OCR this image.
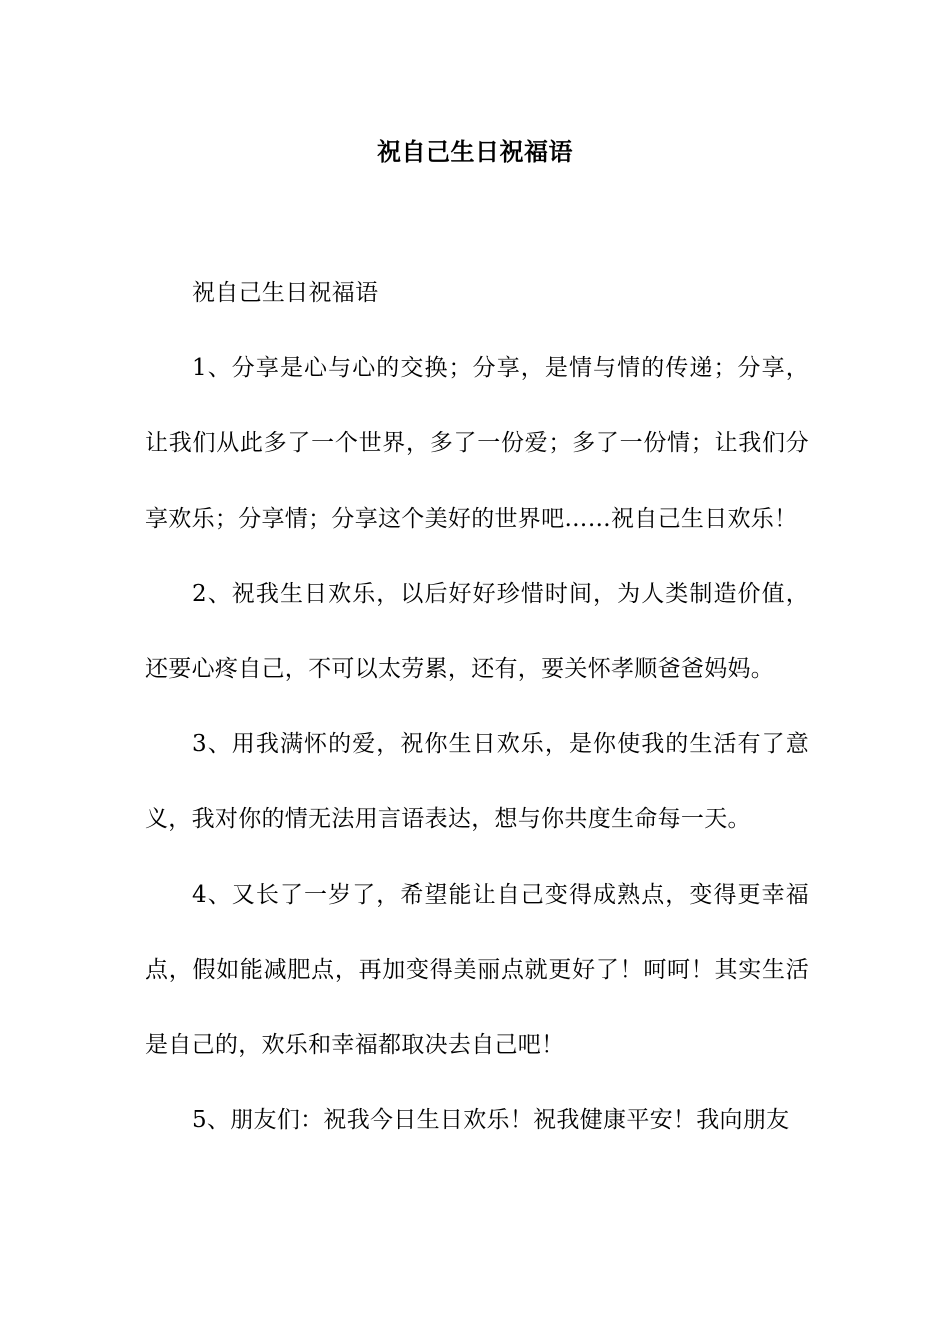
祝自己生日祝福语

祝自己生日祝福语

1、分享是心与心的交换；分享，是情与情的传递；分享，让我们从此多了一个世界，多了一份爱；多了一份情；让我们分享欢乐；分享情；分享这个美好的世界吧……祝自己生日欢乐！

2、祝我生日欢乐，以后好好珍惜时间，为人类制造价值，还要心疼自己，不可以太劳累，还有，要关怀孝顺爸爸妈妈。

3、用我满怀的爱，祝你生日欢乐，是你使我的生活有了意义，我对你的情无法用言语表达，想与你共度生命每一天。

4、又长了一岁了，希望能让自己变得成熟点，变得更幸福点，假如能减肥点，再加变得美丽点就更好了！呵呵！其实生活是自己的，欢乐和幸福都取决去自己吧！

5、朋友们：祝我今日生日欢乐！祝我健康平安！我向朋友
